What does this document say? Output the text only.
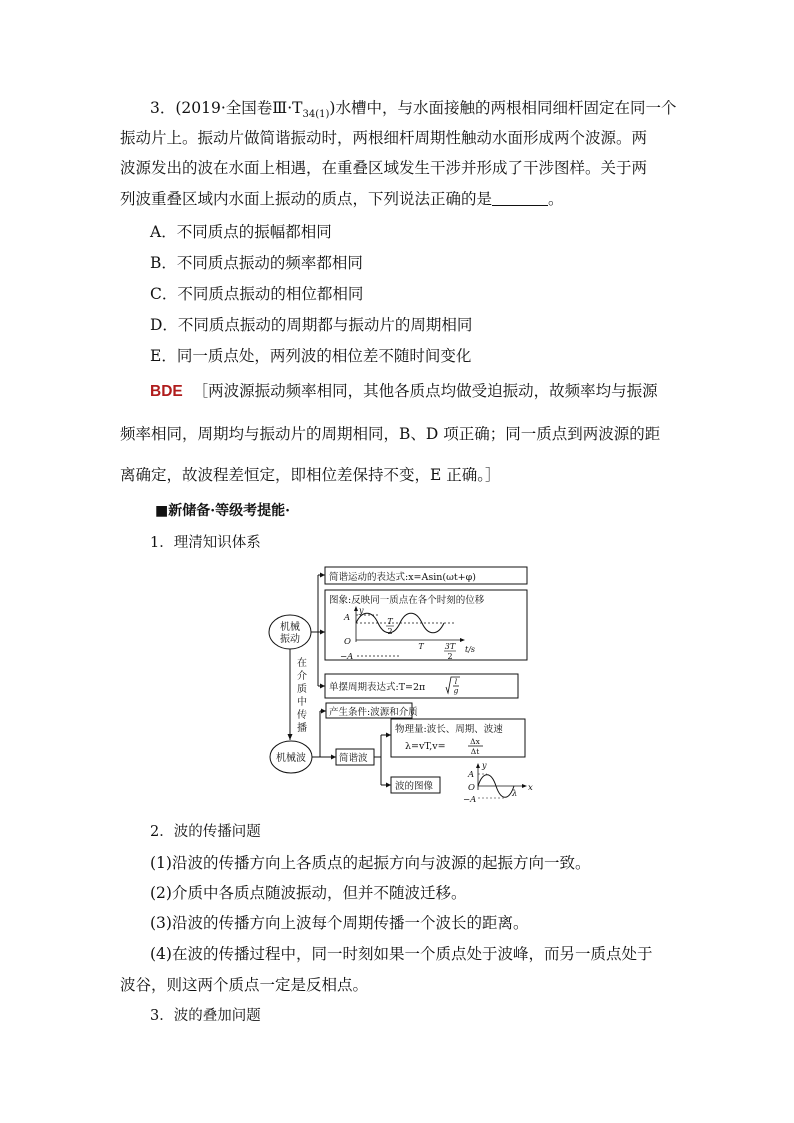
3．(2019·全国卷$Ⅲ\cdot T_{34(1)}$)水槽中，与水面接触的两根相同细杆固定在同一个
振动片上。振动片做简谐振动时，两根细杆周期性触动水面形成两个波源。两
波源发出的波在水面上相遇，在重叠区域发生干涉并形成了干涉图样。关于两
列波重叠区域内水面上振动的质点，下列说法正确的是	。
A．不同质点的振幅都相同
B．不同质点振动的频率都相同
C．不同质点振动的相位都相同
D．不同质点振动的周期都与振动片的周期相同
E．同一质点处，两列波的相位差不随时间变化
BDE ［两波源振动频率相同，其他各质点均做受迫振动，故频率均与振源
频率相同，周期均与振动片的周期相同，B、D 项正确；同一质点到两波源的距
离确定，故波程差恒定，即相位差保持不变，E 正确。］
■新储备·等级考提能·
1．理清知识体系
机械
振动
机械波
在
介
质
中
传
播
简谐运动的表达式:x=Asin(ωt+φ)
图象:反映同一质点在各个时刻的位移
单摆周期表达式:T=2π
l
g
产生条件:波源和介质
简谐波
物理量:波长、周期、波速
λ=vT,v=	Δx
Δt
波的图像
y
A
O
−A
T
2
T	3T
2
t/s
y
A
O
−A
λ
x
2．波的传播问题
(1)沿波的传播方向上各质点的起振方向与波源的起振方向一致。
(2)介质中各质点随波振动，但并不随波迁移。
(3)沿波的传播方向上波每个周期传播一个波长的距离。
(4)在波的传播过程中，同一时刻如果一个质点处于波峰，而另一质点处于
波谷，则这两个质点一定是反相点。
3．波的叠加问题
